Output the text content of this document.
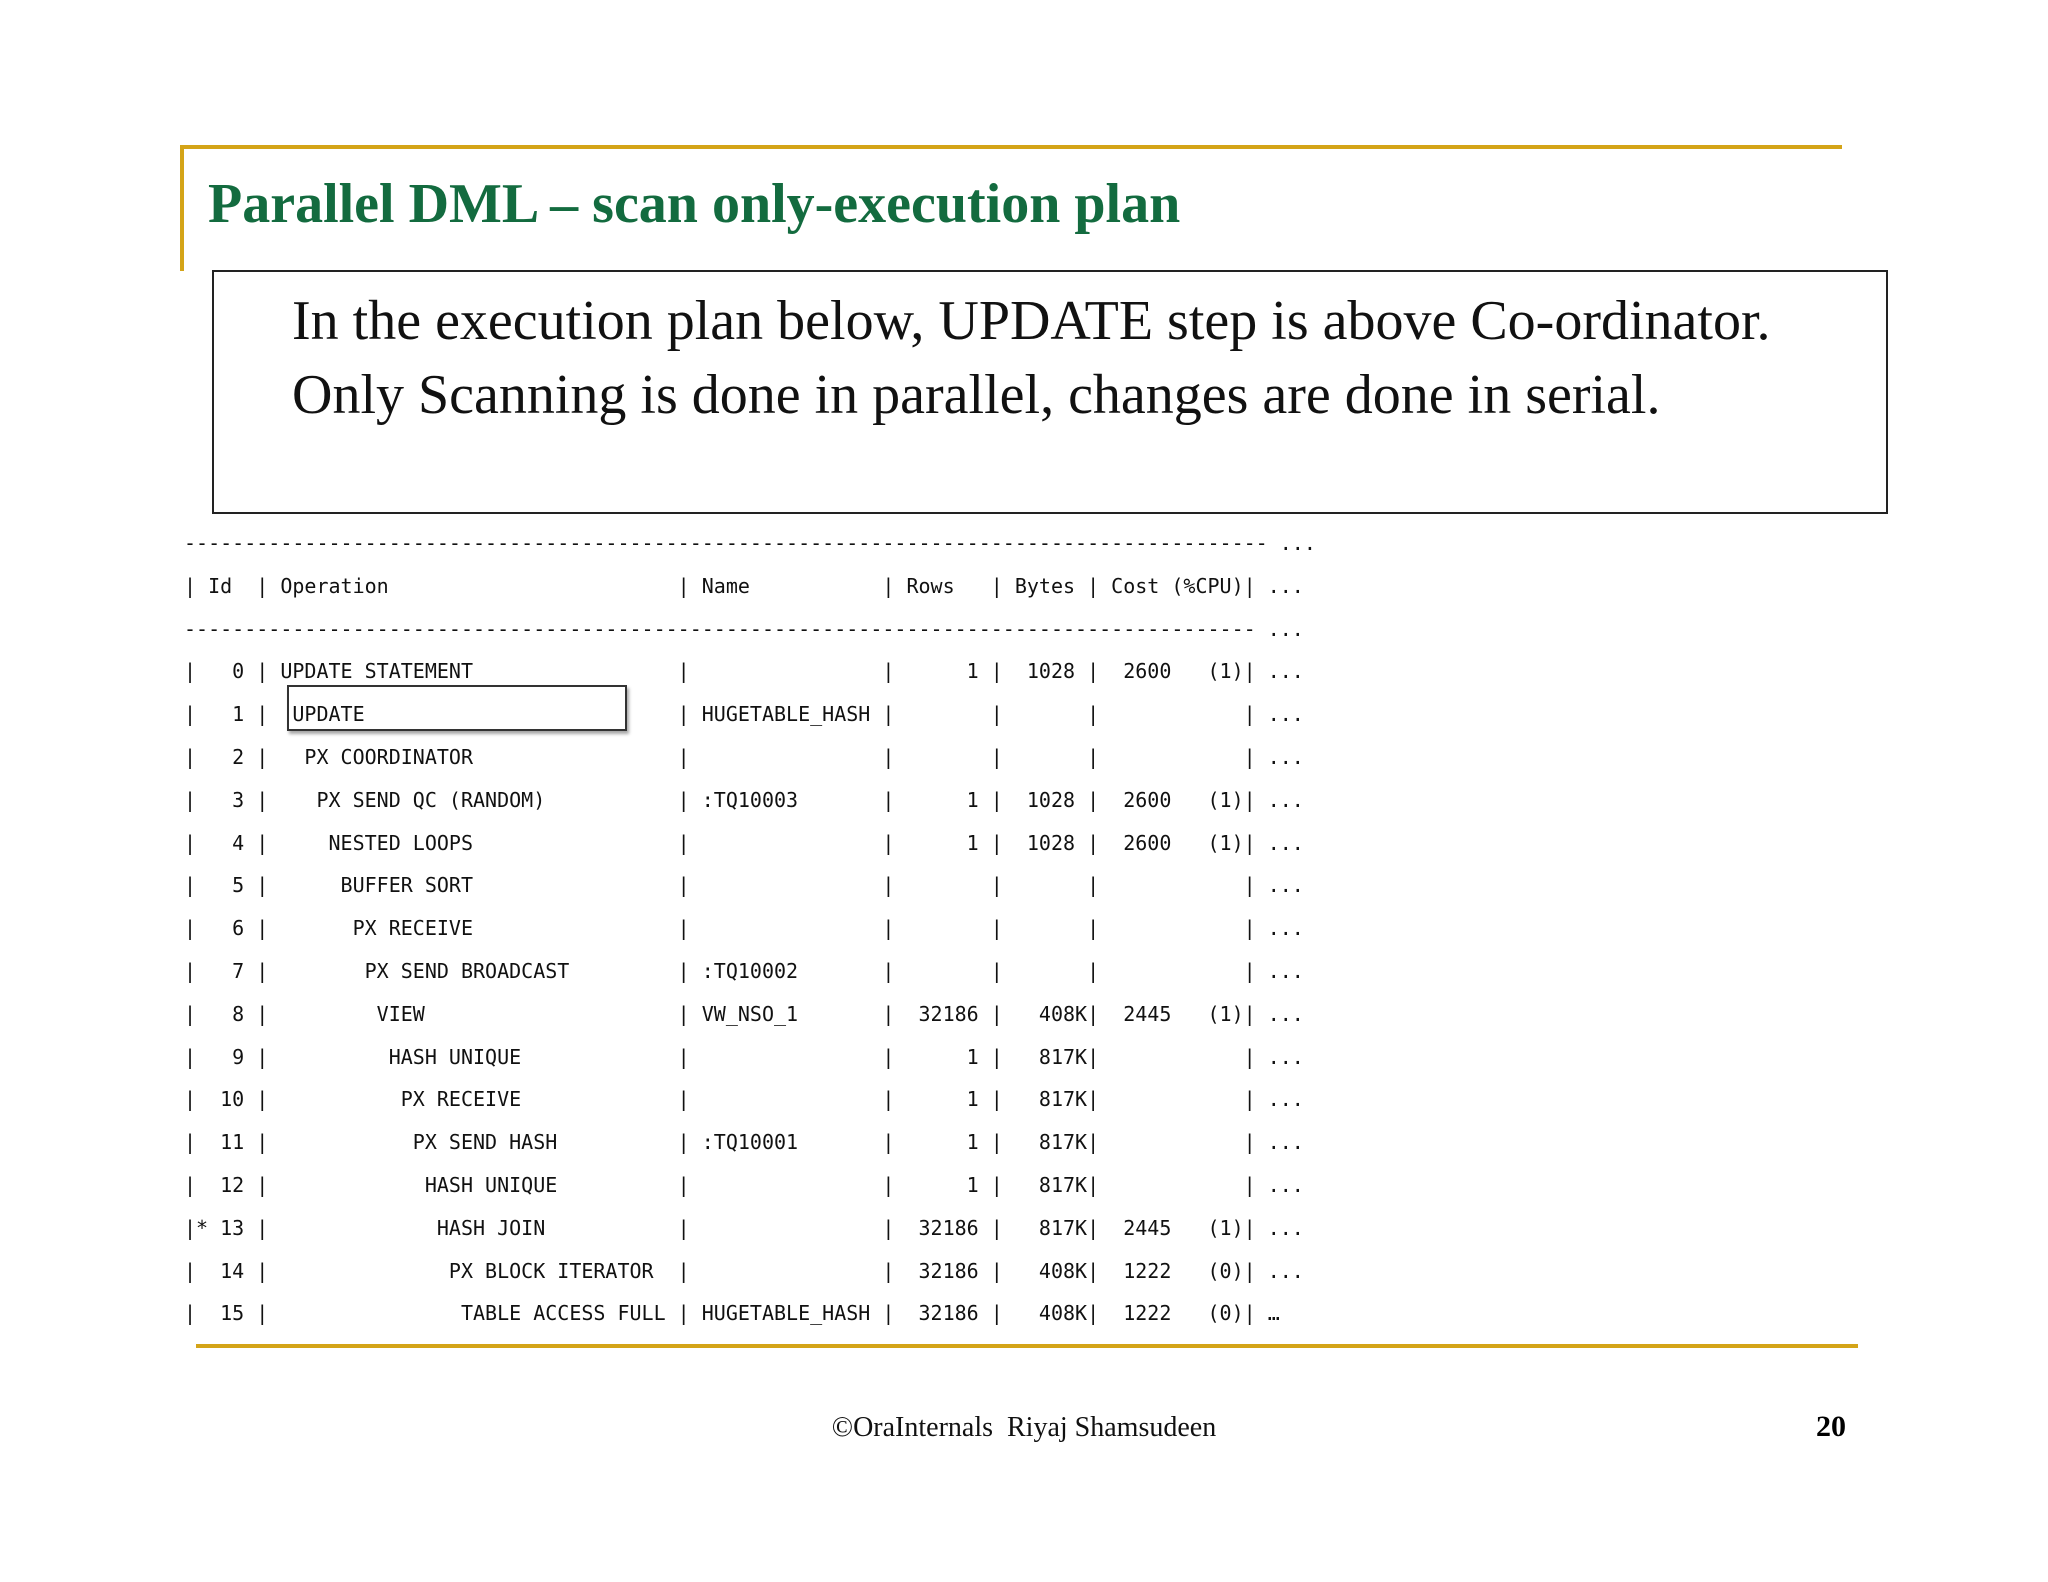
Parallel DML – scan only-execution plan
In the execution plan below, UPDATE step is above Co-ordinator. Only Scanning is done in parallel, changes are done in serial.
------------------------------------------------------------------------------------------ ...
| Id  | Operation                        | Name           | Rows   | Bytes | Cost (%CPU)| ...
----------------------------------------------------------------------------------------- ...
|   0 | UPDATE STATEMENT                 |                |      1 |  1028 |  2600   (1)| ...
|   1 |  UPDATE                          | HUGETABLE_HASH |        |       |            | ...
|   2 |   PX COORDINATOR                 |                |        |       |            | ...
|   3 |    PX SEND QC (RANDOM)           | :TQ10003       |      1 |  1028 |  2600   (1)| ...
|   4 |     NESTED LOOPS                 |                |      1 |  1028 |  2600   (1)| ...
|   5 |      BUFFER SORT                 |                |        |       |            | ...
|   6 |       PX RECEIVE                 |                |        |       |            | ...
|   7 |        PX SEND BROADCAST         | :TQ10002       |        |       |            | ...
|   8 |         VIEW                     | VW_NSO_1       |  32186 |   408K|  2445   (1)| ...
|   9 |          HASH UNIQUE             |                |      1 |   817K|            | ...
|  10 |           PX RECEIVE             |                |      1 |   817K|            | ...
|  11 |            PX SEND HASH          | :TQ10001       |      1 |   817K|            | ...
|  12 |             HASH UNIQUE          |                |      1 |   817K|            | ...
|* 13 |              HASH JOIN           |                |  32186 |   817K|  2445   (1)| ...
|  14 |               PX BLOCK ITERATOR  |                |  32186 |   408K|  1222   (0)| ...
|  15 |                TABLE ACCESS FULL | HUGETABLE_HASH |  32186 |   408K|  1222   (0)| …
©OraInternals  Riyaj Shamsudeen	20
